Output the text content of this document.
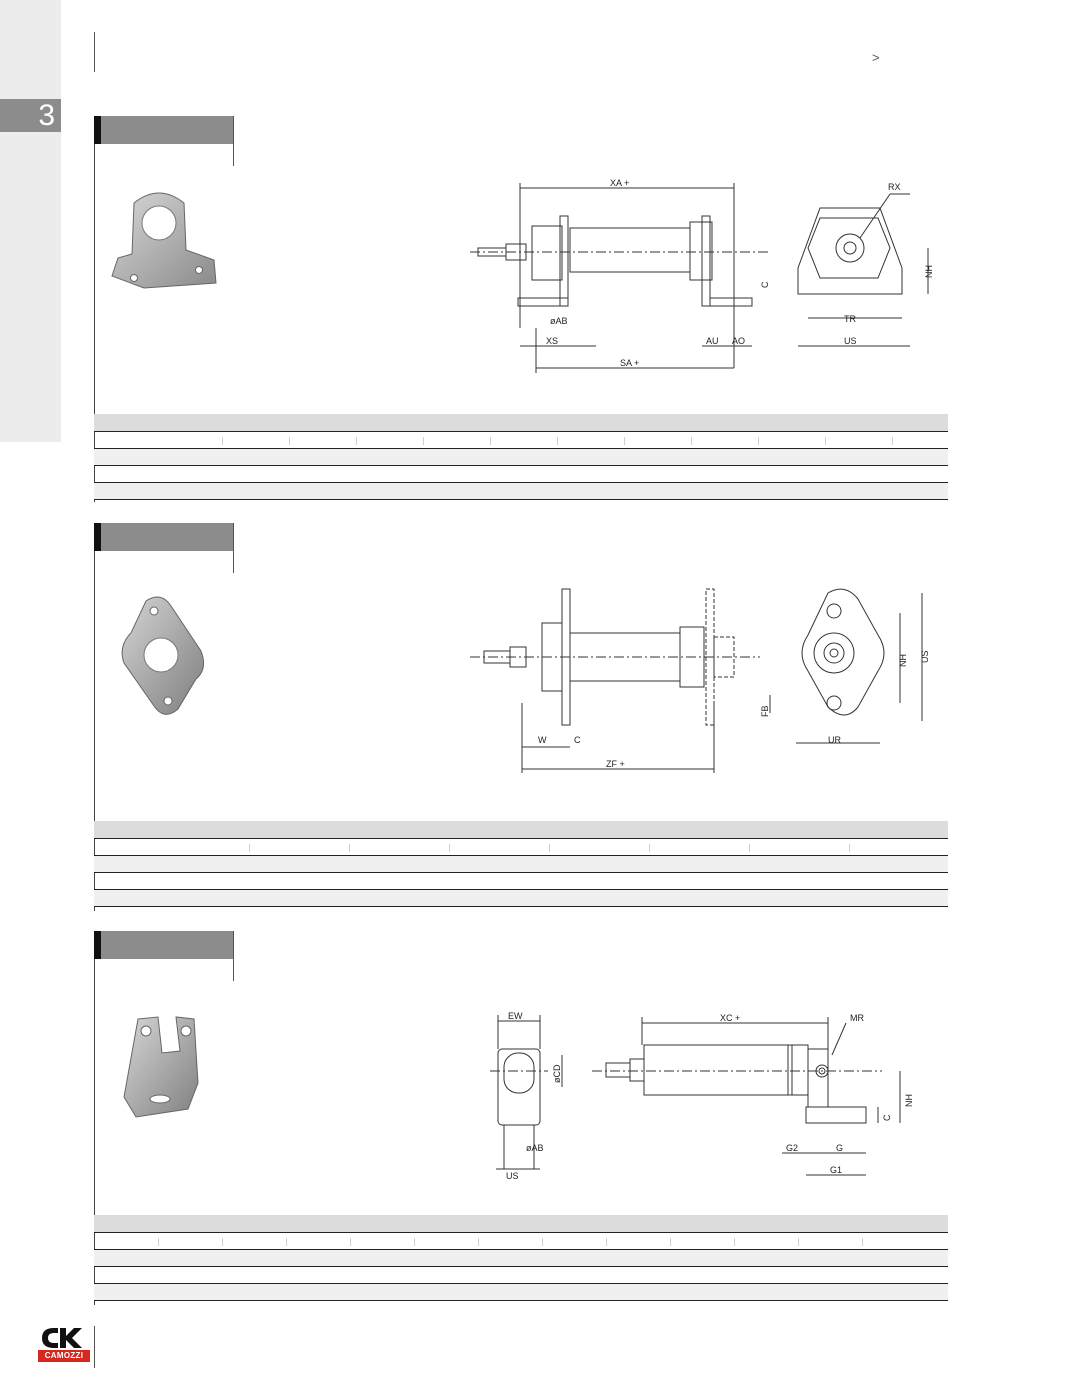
3
>
XA +	RX
NH
C
øAB	TR
XS	AU AO	US
SA +
NH US
FB
W	C	UR
ZF +
EW
øCD
øAB
US
XC +	MR
NH
C
G2	G
G1
CAMOZZI
